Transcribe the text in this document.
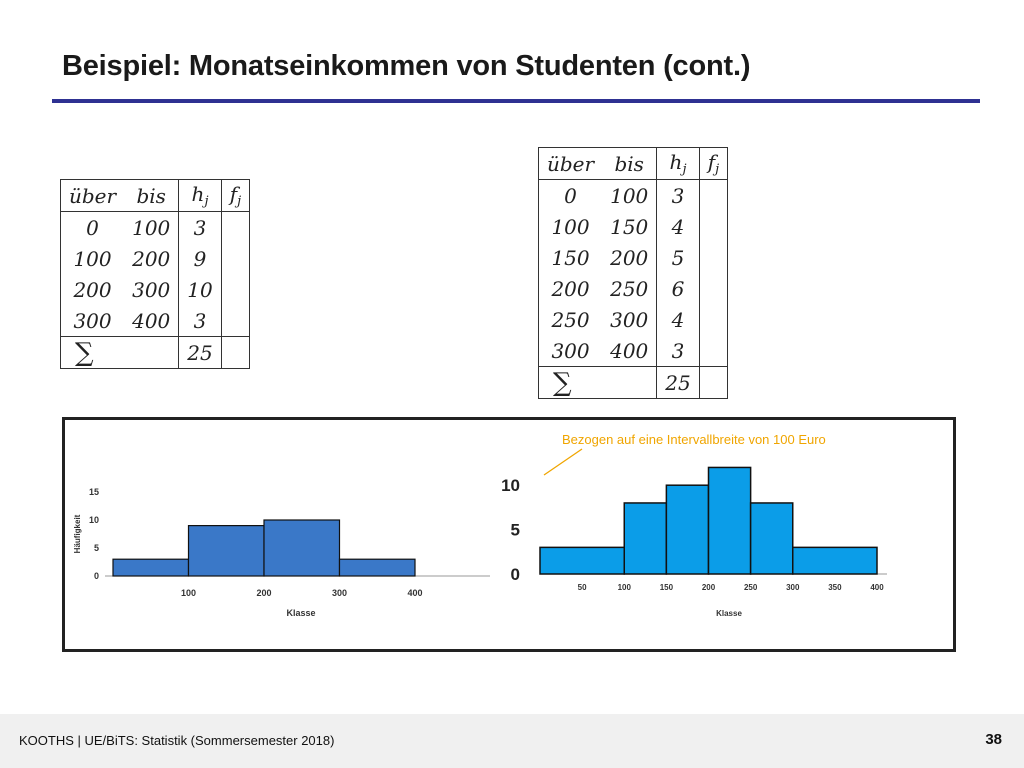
Beispiel: Monatseinkommen von Studenten (cont.)
über	bis	$h_j$	$f_j$
0	100	3	
100	200	9	
200	300	10	
300	400	3	
∑		25	
über	bis	$h_j$	$f_j$
0	100	3	
100	150	4	
150	200	5	
200	250	6	
250	300	4	
300	400	3	
∑		25	
0
5
10
15
100	200	300	400
Klasse
Häufigkeit
0
5
10
50	100	150	200	250	300	350	400
Klasse
Bezogen auf eine Intervallbreite von 100 Euro
KOOTHS | UE/BiTS: Statistik (Sommersemester 2018)	38
